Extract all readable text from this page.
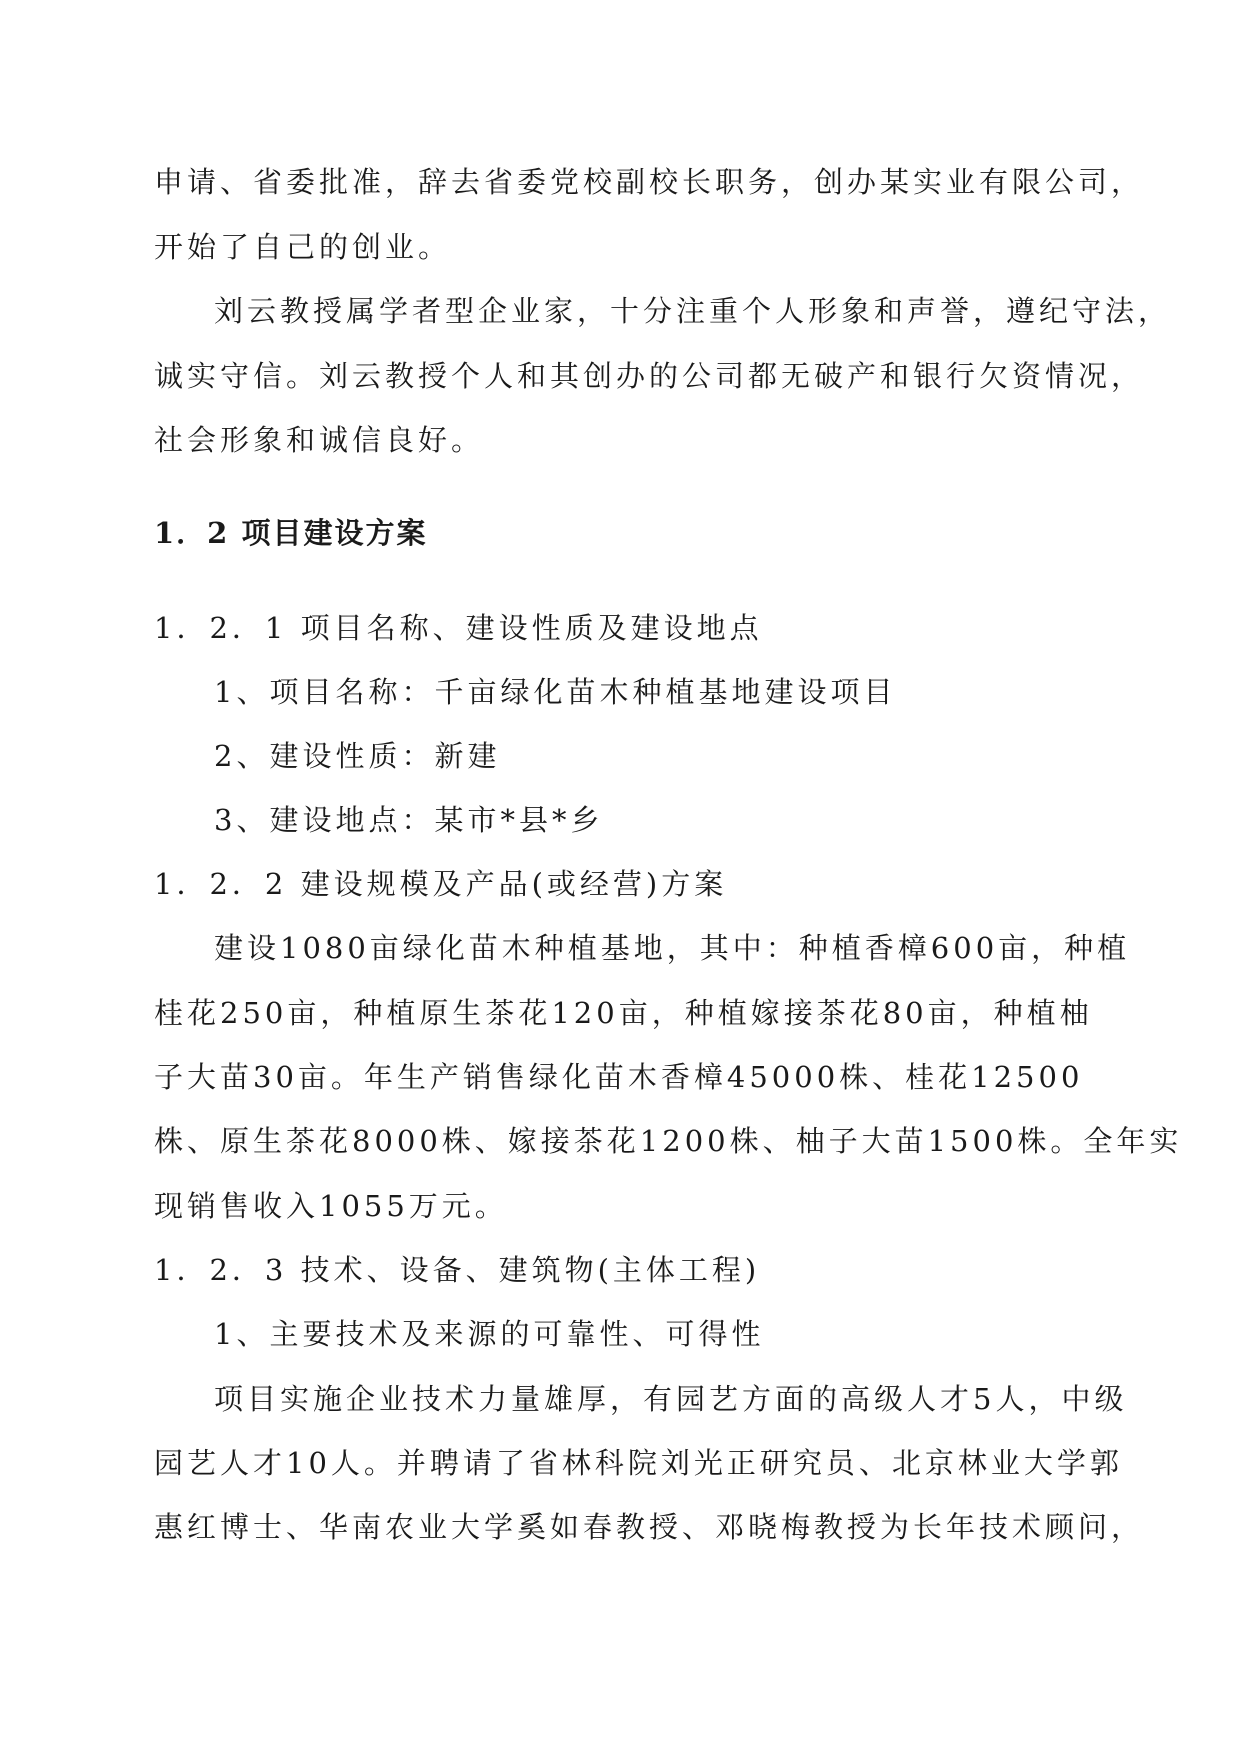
申请、省委批准，辞去省委党校副校长职务，创办某实业有限公司，
开始了自己的创业。
刘云教授属学者型企业家，十分注重个人形象和声誉，遵纪守法，
诚实守信。刘云教授个人和其创办的公司都无破产和银行欠资情况，
社会形象和诚信良好。
1．2 项目建设方案
1．2．1 项目名称、建设性质及建设地点
1、项目名称：千亩绿化苗木种植基地建设项目
2、建设性质：新建
3、建设地点：某市*县*乡
1．2．2 建设规模及产品(或经营)方案
建设1080亩绿化苗木种植基地，其中：种植香樟600亩，种植
桂花250亩，种植原生茶花120亩，种植嫁接茶花80亩，种植柚
子大苗30亩。年生产销售绿化苗木香樟45000株、桂花12500
株、原生茶花8000株、嫁接茶花1200株、柚子大苗1500株。全年实
现销售收入1055万元。
1．2．3 技术、设备、建筑物(主体工程)
1、主要技术及来源的可靠性、可得性
项目实施企业技术力量雄厚，有园艺方面的高级人才5人，中级
园艺人才10人。并聘请了省林科院刘光正研究员、北京林业大学郭
惠红博士、华南农业大学奚如春教授、邓晓梅教授为长年技术顾问，
